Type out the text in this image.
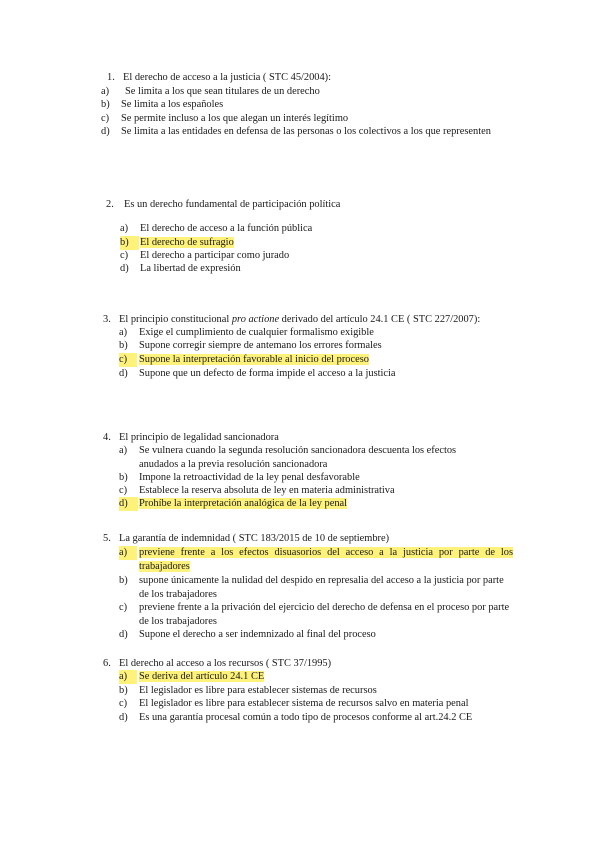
1. El derecho de acceso a la justicia ( STC 45/2004):
a) Se limita a los que sean titulares de un derecho
b) Se limita a los españoles
c) Se permite incluso a los que alegan un interés legítimo
d) Se limita a las entidades en defensa de las personas o los colectivos a los que representen
2. Es un derecho fundamental de participación política
a) El derecho de acceso a la función pública
b)	El derecho de sufragio
c) El derecho a participar como jurado
d) La libertad de expresión
3. El principio constitucional pro actione derivado del artículo 24.1 CE ( STC 227/2007):
a) Exige el cumplimiento de cualquier formalismo exigible
b) Supone corregir siempre de antemano los errores formales
c)	Supone la interpretación favorable al inicio del proceso
d) Supone que un defecto de forma impide el acceso a la justicia
4. El principio de legalidad sancionadora
a) Se vulnera cuando la segunda resolución sancionadora descuenta los efectos anudados a la previa resolución sancionadora
b) Impone la retroactividad de la ley penal desfavorable
c) Establece la reserva absoluta de ley en materia administrativa
d)	Prohíbe la interpretación analógica de la ley penal
5. La garantía de indemnidad ( STC 183/2015 de 10 de septiembre)
a)	previene frente a los efectos disuasorios del acceso a la justicia por parte de los trabajadores
b) supone únicamente la nulidad del despido en represalia del acceso a la justicia por parte de los trabajadores
c) previene frente a la privación del ejercicio del derecho de defensa en el proceso por parte de los trabajadores
d) Supone el derecho a ser indemnizado al final del proceso
6. El derecho al acceso a los recursos ( STC 37/1995)
a)	Se deriva del artículo 24.1 CE
b) El legislador es libre para establecer sistemas de recursos
c) El legislador es libre para establecer sistema de recursos salvo en materia penal
d) Es una garantía procesal común a todo tipo de procesos conforme al art.24.2 CE
